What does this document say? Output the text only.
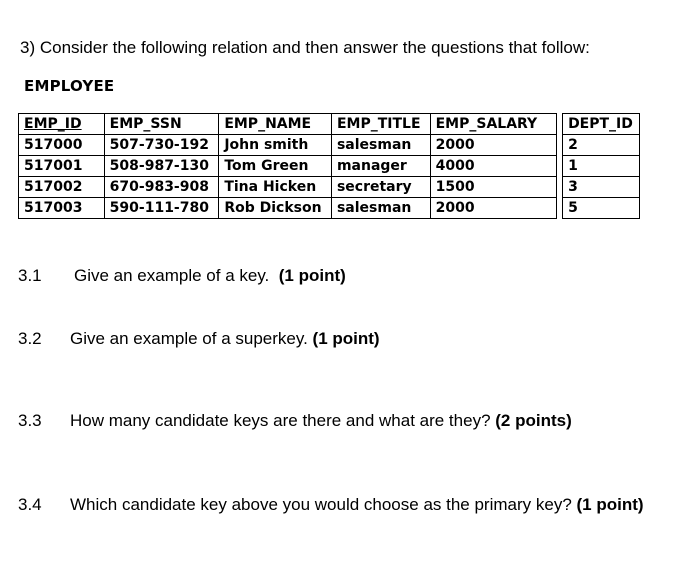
3) Consider the following relation and then answer the questions that follow:
EMPLOYEE
EMP_ID	EMP_SSN	EMP_NAME	EMP_TITLE	EMP_SALARY		DEPT_ID
517000	507-730-192	John smith	salesman	2000		2
517001	508-987-130	Tom Green	manager	4000		1
517002	670-983-908	Tina Hicken	secretary	1500		3
517003	590-111-780	Rob Dickson	salesman	2000		5
3.1 Give an example of a key. (1 point)
3.2 Give an example of a superkey. (1 point)
3.3 How many candidate keys are there and what are they? (2 points)
3.4 Which candidate key above you would choose as the primary key? (1 point)
